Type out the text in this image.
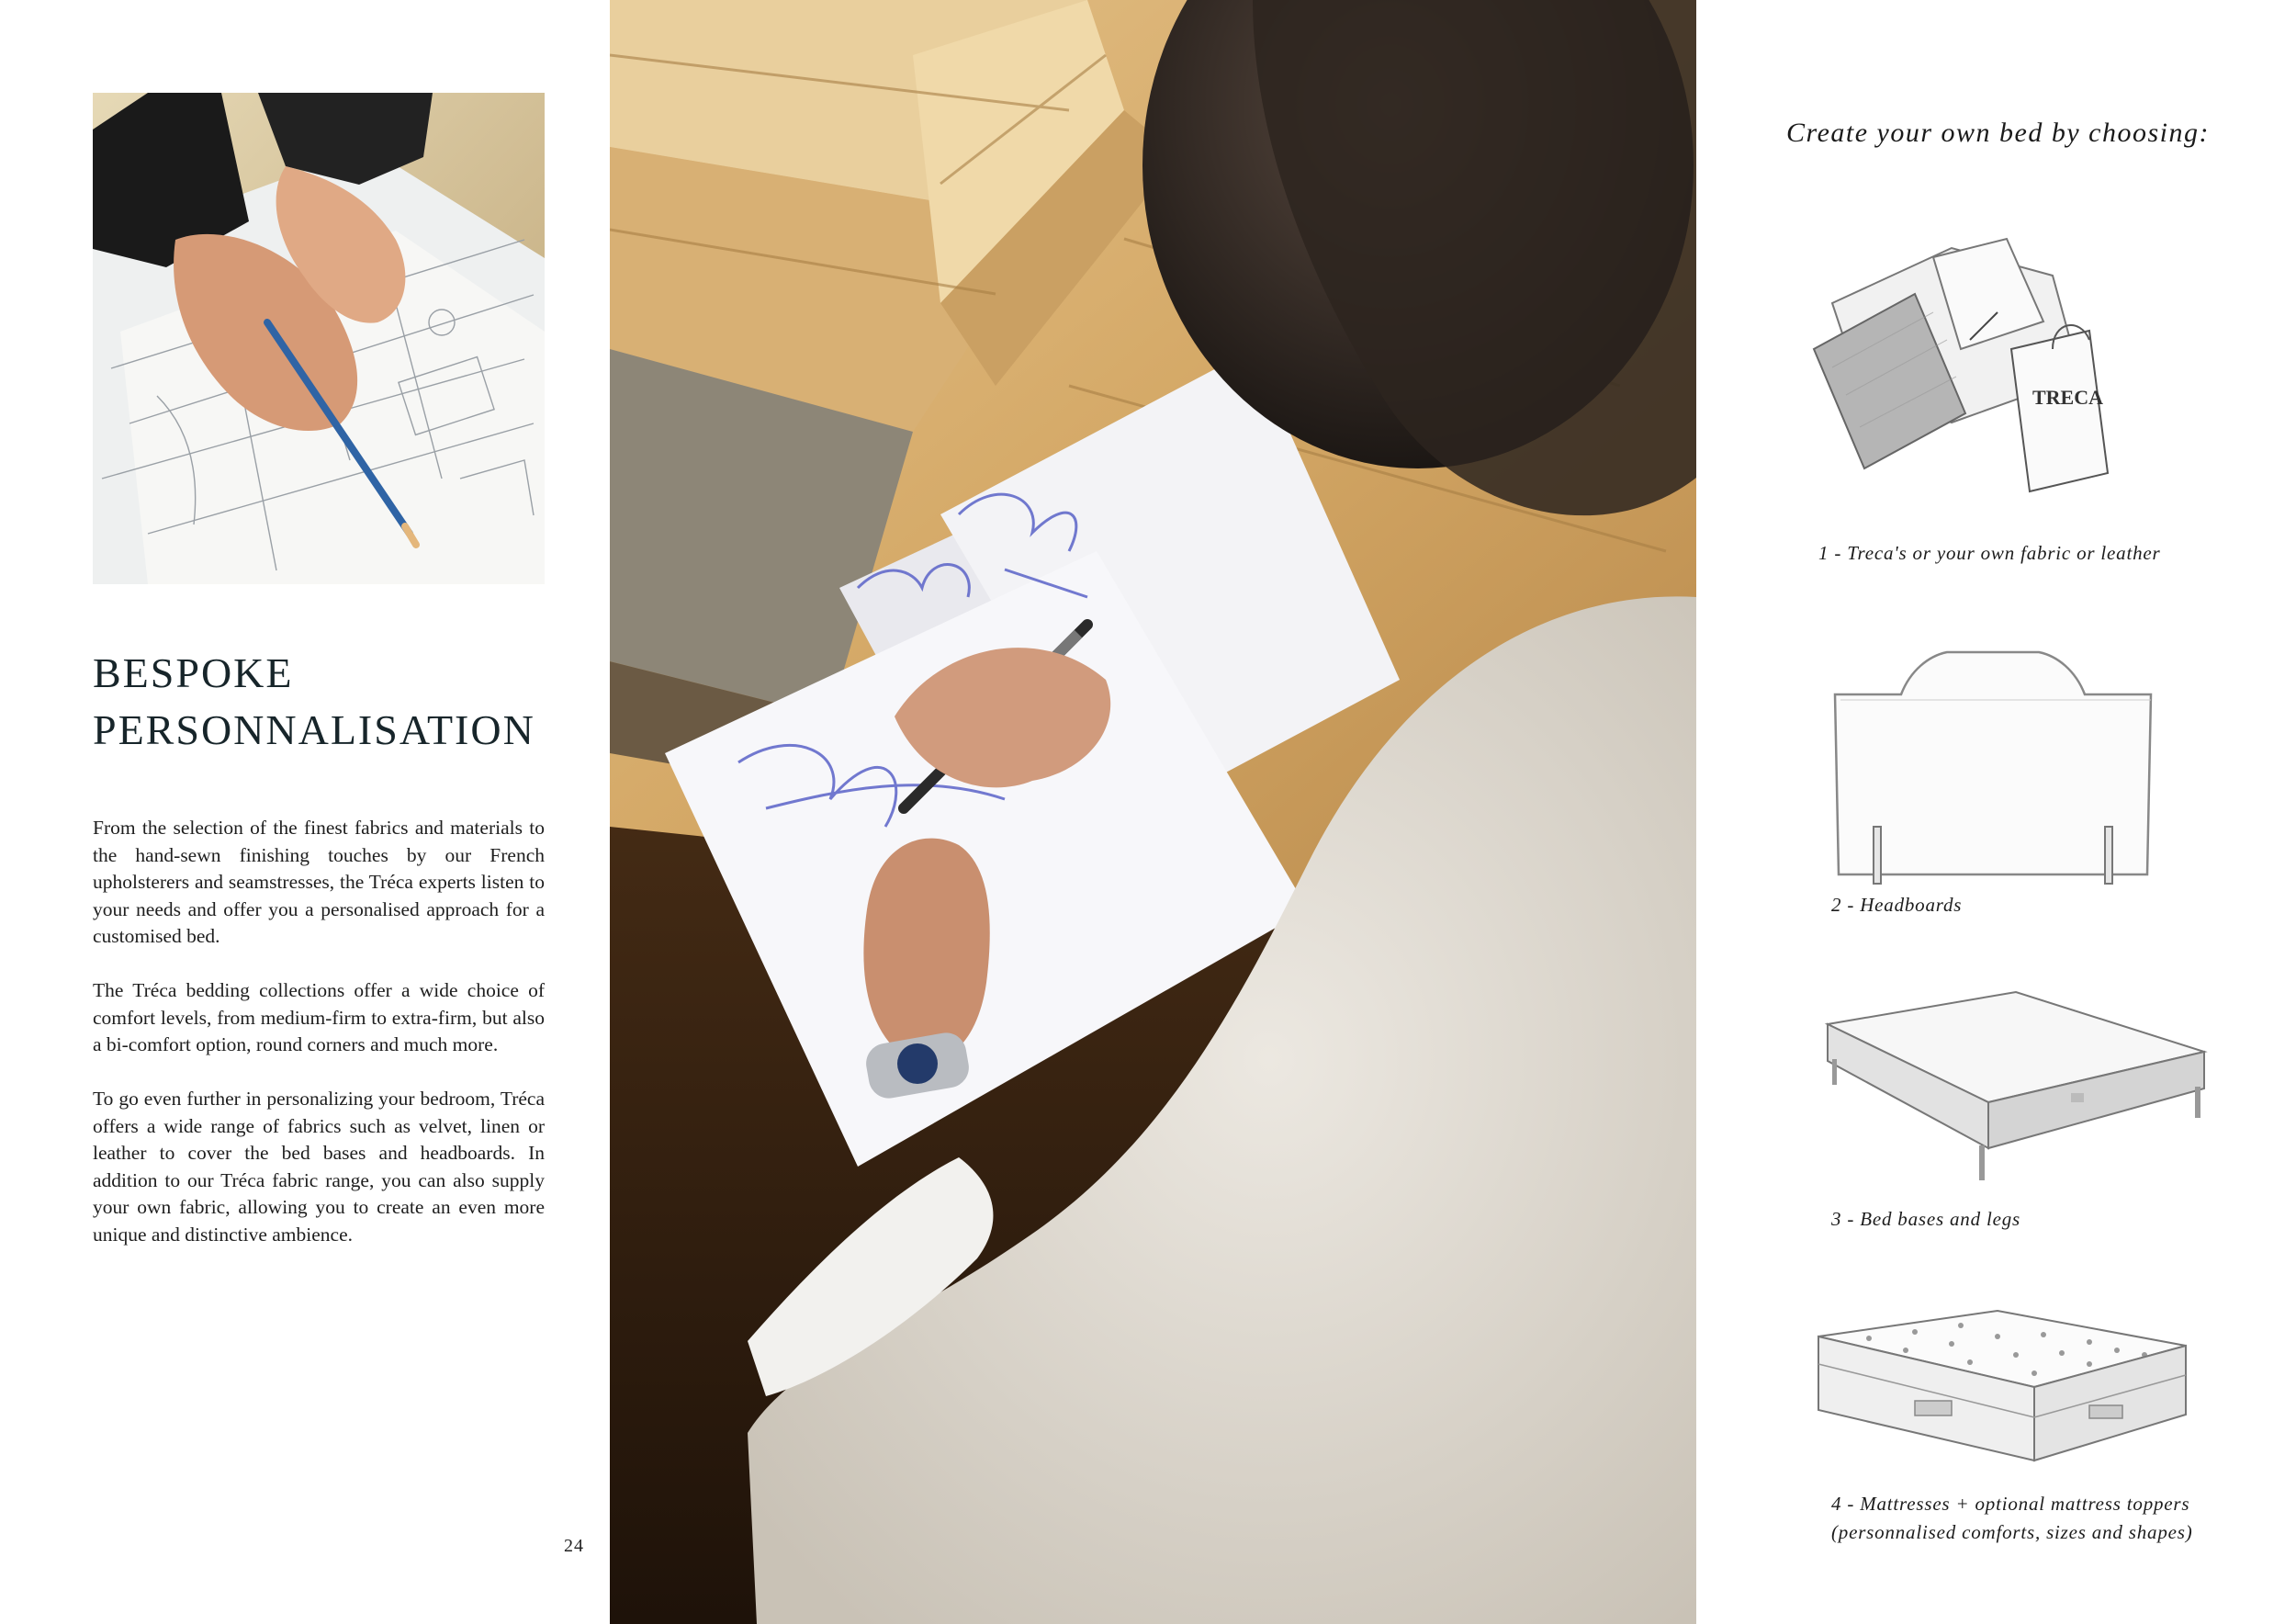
BESPOKE
PERSONNALISATION

From the selection of the finest fabrics and materials to the hand-sewn finishing touches by our French upholsterers and seamstresses, the Tréca experts listen to your needs and offer you a personalised approach for a customised bed.

The Tréca bedding collections offer a wide choice of comfort levels, from medium-firm to extra-firm, but also a bi-comfort option, round corners and much more.

To go even further in personalizing your bedroom, Tréca offers a wide range of fabrics such as velvet, linen or leather to cover the bed bases and headboards. In addition to our Tréca fabric range, you can also supply your own fabric, allowing you to create an even more unique and distinctive ambience.

24
Create your own bed by choosing:
TRECA
1 - Treca's or your own fabric or leather
2 - Headboards
3 - Bed bases and legs
4 - Mattresses + optional mattress toppers
(personnalised comforts, sizes and shapes)
